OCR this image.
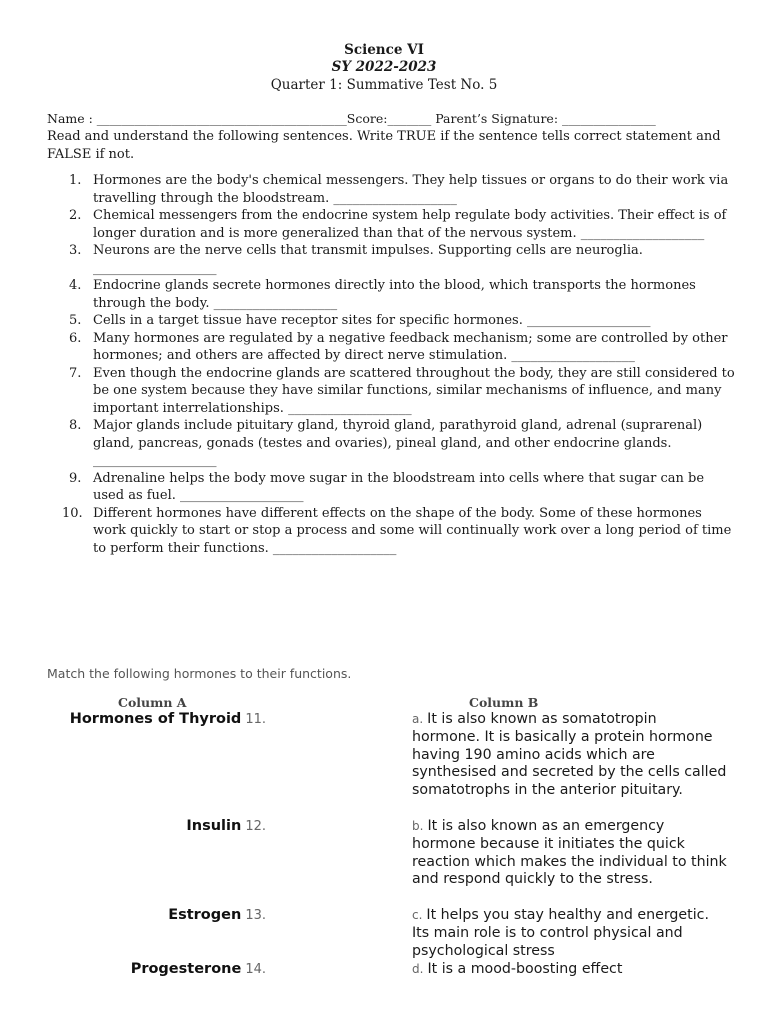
Science VI
SY 2022-2023
Quarter 1: Summative Test No. 5
Name : ________________________________________Score:_______ Parent’s Signature: _______________
Read and understand the following sentences. Write TRUE if the sentence tells correct statement and FALSE if not.
1. Hormones are the body's chemical messengers. They help tissues or organs to do their work via travelling through the bloodstream. ___________________
2. Chemical messengers from the endocrine system help regulate body activities. Their effect is of longer duration and is more generalized than that of the nervous system. ___________________
3. Neurons are the nerve cells that transmit impulses. Supporting cells are neuroglia. ___________________
4. Endocrine glands secrete hormones directly into the blood, which transports the hormones through the body. ___________________
5. Cells in a target tissue have receptor sites for specific hormones. ___________________
6. Many hormones are regulated by a negative feedback mechanism; some are controlled by other hormones; and others are affected by direct nerve stimulation. ___________________
7. Even though the endocrine glands are scattered throughout the body, they are still considered to be one system because they have similar functions, similar mechanisms of influence, and many important interrelationships. ___________________
8. Major glands include pituitary gland, thyroid gland, parathyroid gland, adrenal (suprarenal) gland, pancreas, gonads (testes and ovaries), pineal gland, and other endocrine glands. ___________________
9. Adrenaline helps the body move sugar in the bloodstream into cells where that sugar can be used as fuel. ___________________
10. Different hormones have different effects on the shape of the body. Some of these hormones work quickly to start or stop a process and some will continually work over a long period of time to perform their functions. ___________________
Match the following hormones to their functions.
Column A	Column B
Hormones of Thyroid 11.
Insulin 12.
Estrogen 13.
Progesterone 14.
a. It is also known as somatotropin hormone. It is basically a protein hormone having 190 amino acids which are synthesised and secreted by the cells called somatotrophs in the anterior pituitary.
b. It is also known as an emergency hormone because it initiates the quick reaction which makes the individual to think and respond quickly to the stress.
c. It helps you stay healthy and energetic. Its main role is to control physical and psychological stress
d. It is a mood-boosting effect
